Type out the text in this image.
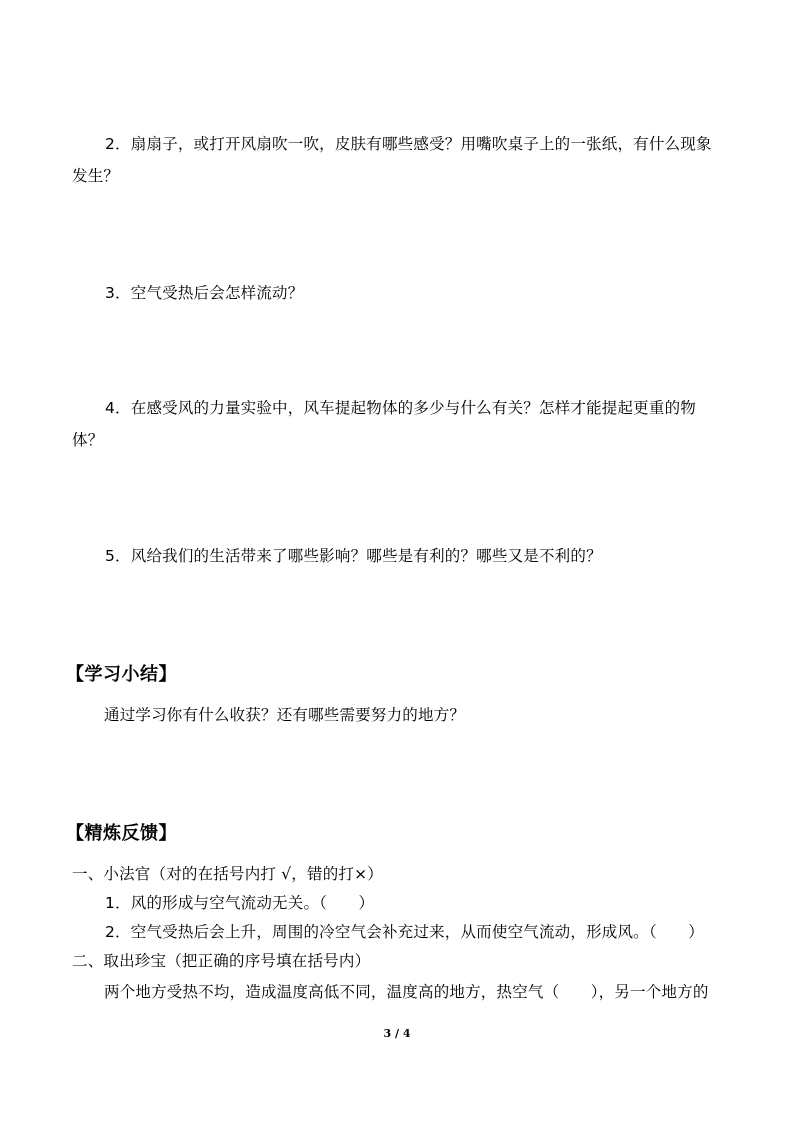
2．扇扇子，或打开风扇吹一吹，皮肤有哪些感受？用嘴吹桌子上的一张纸，有什么现象
发生？
3．空气受热后会怎样流动？
4．在感受风的力量实验中，风车提起物体的多少与什么有关？怎样才能提起更重的物
体？
5．风给我们的生活带来了哪些影响？哪些是有利的？哪些又是不利的？
【学习小结】
通过学习你有什么收获？还有哪些需要努力的地方？
【精炼反馈】
一、小法官（对的在括号内打 √，错的打×）
1．风的形成与空气流动无关。（　　）
2．空气受热后会上升，周围的冷空气会补充过来，从而使空气流动，形成风。（　　）
二、取出珍宝（把正确的序号填在括号内）
两个地方受热不均，造成温度高低不同，温度高的地方，热空气（　　），另一个地方的
3 / 4
